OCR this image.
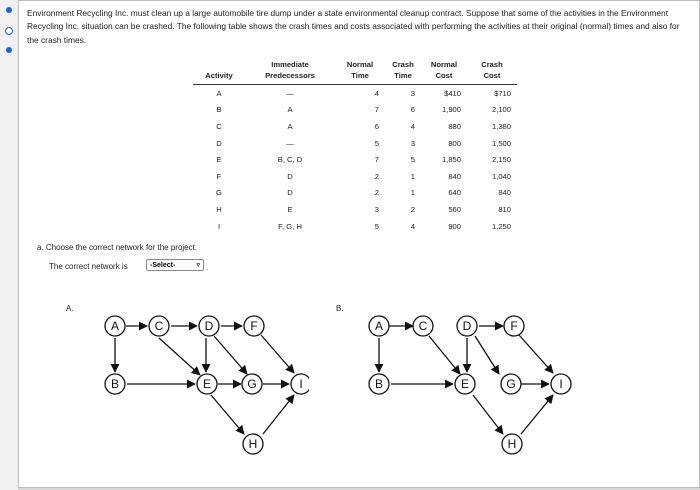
Environment Recycling Inc. must clean up a large automobile tire dump under a state environmental cleanup contract. Suppose that some of the activities in the Environment Recycling Inc. situation can be crashed. The following table shows the crash times and costs associated with performing the activities at their original (normal) times and also for the crash times.
	Immediate	Normal	Crash	Normal	Crash
Activity	Predecessors	Time	Time	Cost	Cost
A	—	4	3	$410	$710
B	A	7	6	1,900	2,100
C	A	6	4	880	1,380
D	—	5	3	800	1,500
E	B, C, D	7	5	1,850	2,150
F	D	2	1	840	1,040
G	D	2	1	640	840
H	E	3	2	560	810
I	F, G, H	5	4	900	1,250
a. Choose the correct network for the project.
The correct network is	-Select-	▿ .
A.	B.
A	C	D	F
B	E	G	I
H
A	C	D	F
B	E	G	I
H
